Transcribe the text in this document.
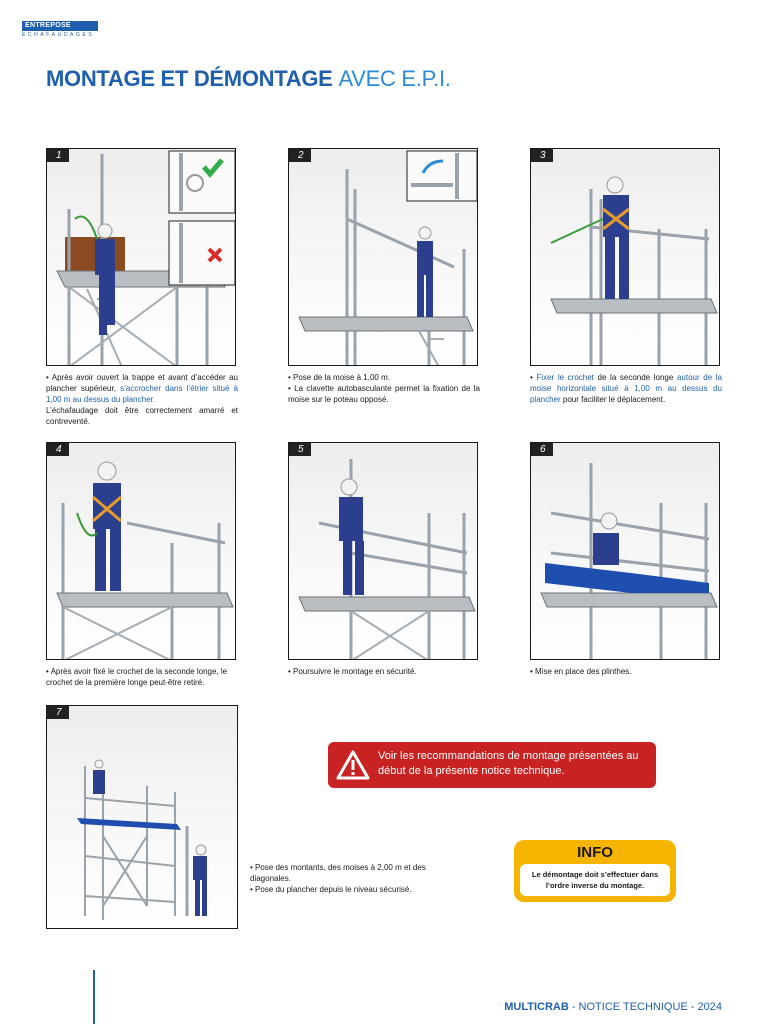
ENTREPOSE
ÉCHAFAUDAGES
MONTAGE ET DÉMONTAGE AVEC E.P.I.
1	2	3
4	5	6
7
• Après avoir ouvert la trappe et avant d’accéder au plancher supérieur, s’accrocher dans l’étrier situé à 1,00 m au dessus du plancher.
L’échafaudage doit être correctement amarré et contreventé.
• Pose de la moise à 1,00 m.
• La clavette autobasculante permet la fixation de la moise sur le poteau opposé.
• Fixer le crochet de la seconde longe autour de la moise horizontale situé à 1,00 m au dessus du plancher pour faciliter le déplacement.
• Après avoir fixé le crochet de la seconde longe, le crochet de la première longe peut-être retiré.
• Poursuivre le montage en sécurité.	• Mise en place des plinthes.
• Pose des montants, des moises à 2,00 m et des diagonales.
• Pose du plancher depuis le niveau sécurisé.
Voir les recommandations de montage présentées au début de la présente notice technique.
INFO
Le démontage doit s’effectuer dans l’ordre inverse du montage.
MULTICRAB - NOTICE TECHNIQUE - 2024
